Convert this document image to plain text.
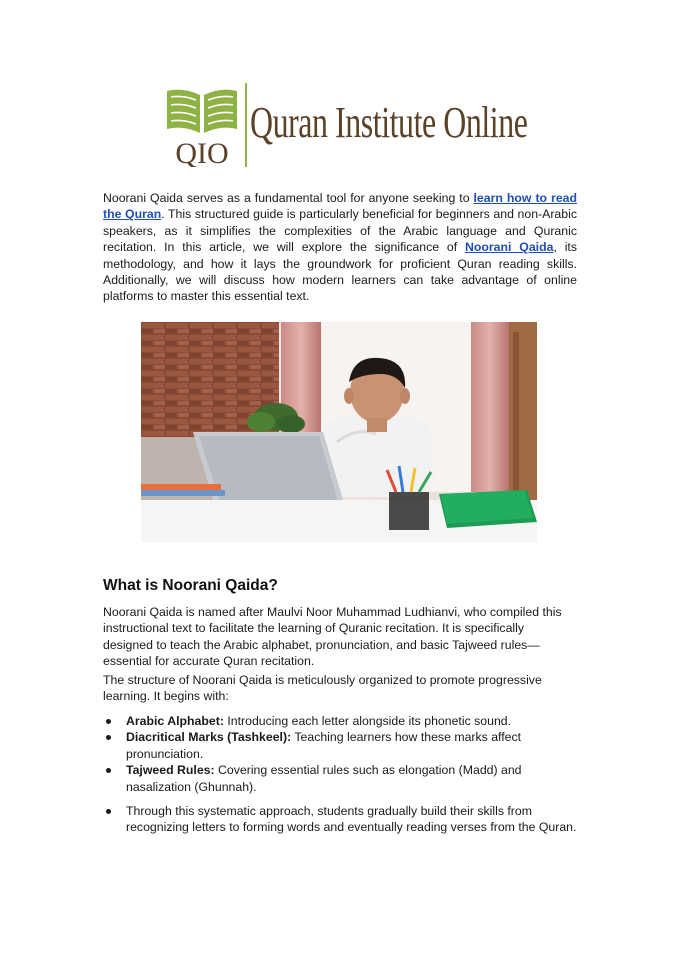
QIO
Quran Institute Online

Noorani Qaida serves as a fundamental tool for anyone seeking to learn how to read the Quran. This structured guide is particularly beneficial for beginners and non-Arabic speakers, as it simplifies the complexities of the Arabic language and Quranic recitation. In this article, we will explore the significance of Noorani Qaida, its methodology, and how it lays the groundwork for proficient Quran reading skills. Additionally, we will discuss how modern learners can take advantage of online platforms to master this essential text.

What is Noorani Qaida?

Noorani Qaida is named after Maulvi Noor Muhammad Ludhianvi, who compiled this instructional text to facilitate the learning of Quranic recitation. It is specifically designed to teach the Arabic alphabet, pronunciation, and basic Tajweed rules—essential for accurate Quran recitation.

The structure of Noorani Qaida is meticulously organized to promote progressive learning. It begins with:

Arabic Alphabet: Introducing each letter alongside its phonetic sound.
Diacritical Marks (Tashkeel): Teaching learners how these marks affect pronunciation.
Tajweed Rules: Covering essential rules such as elongation (Madd) and nasalization (Ghunnah).
Through this systematic approach, students gradually build their skills from recognizing letters to forming words and eventually reading verses from the Quran.
